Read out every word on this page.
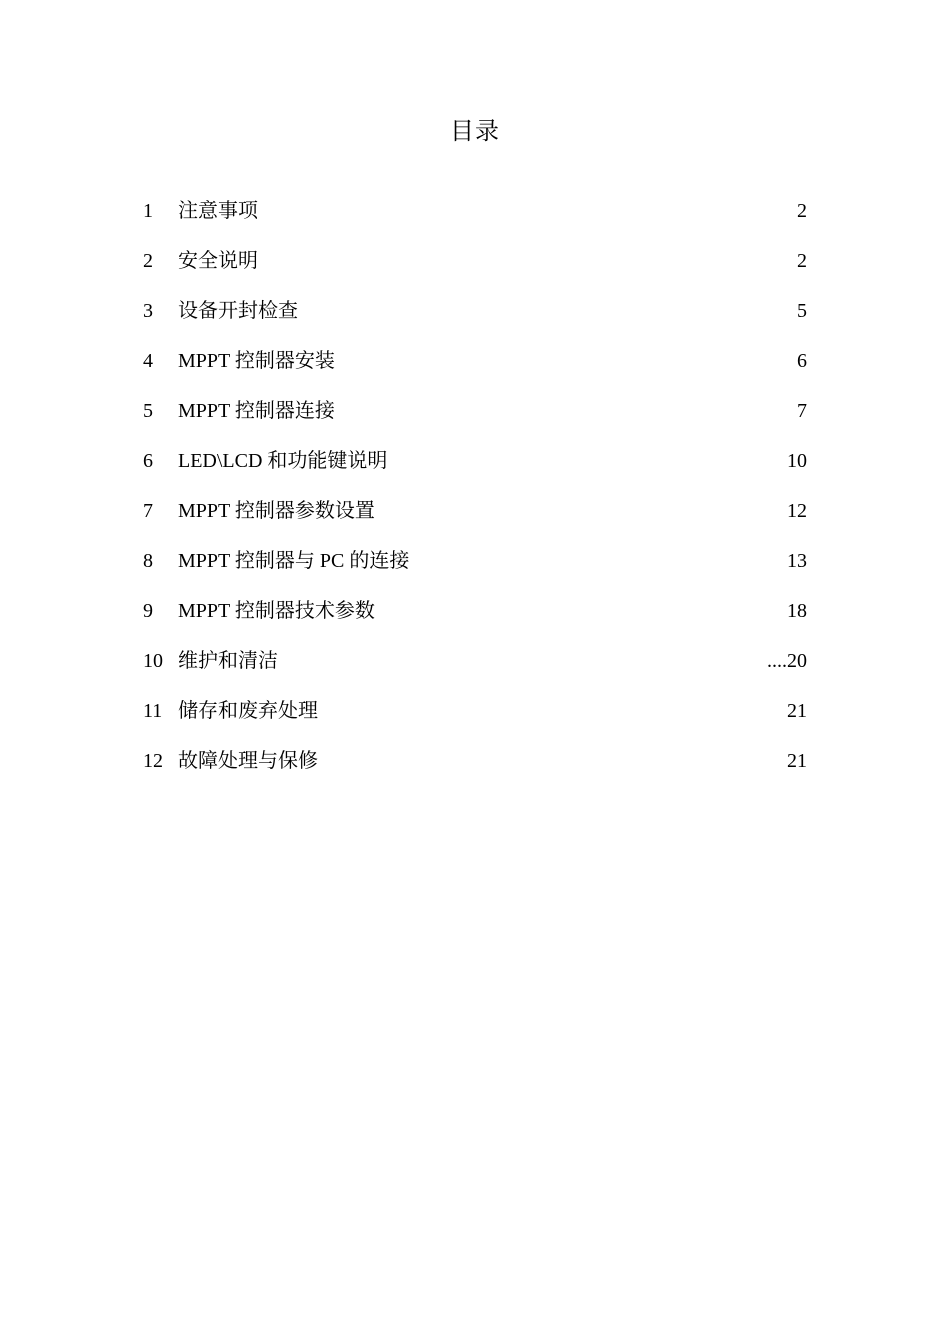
目录
1	注意事项	2
2	安全说明	2
3	设备开封检查	5
4	MPPT 控制器安装	6
5	MPPT 控制器连接	7
6	LED\LCD 和功能键说明	10
7	MPPT 控制器参数设置	12
8	MPPT 控制器与 PC 的连接	13
9	MPPT 控制器技术参数	18
10 维护和清洁	....20
11 储存和废弃处理	21
12 故障处理与保修	21
